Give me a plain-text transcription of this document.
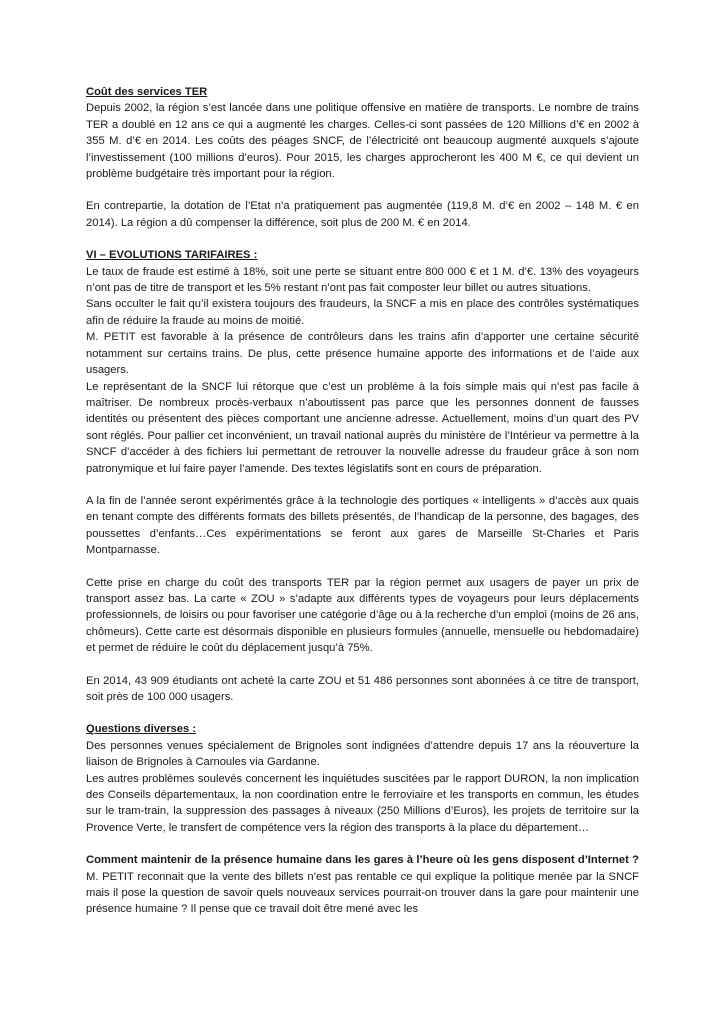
Coût des services TER

Depuis 2002, la région s’est lancée dans une politique offensive en matière de transports. Le nombre de trains TER a doublé en 12 ans ce qui a augmenté les charges. Celles-ci sont passées de 120 Millions d’€ en 2002 à 355 M. d’€ en 2014. Les coûts des péages SNCF, de l’électricité ont beaucoup augmenté auxquels s’ajoute l’investissement (100 millions d’euros). Pour 2015, les charges approcheront les 400 M €, ce qui devient un problème budgétaire très important pour la région.

En contrepartie, la dotation de l’Etat n’a pratiquement pas augmentée (119,8 M. d’€ en 2002 – 148 M. € en 2014). La région a dû compenser la différence, soit plus de 200 M. € en 2014.

VI – EVOLUTIONS TARIFAIRES :

Le taux de fraude est estimé à 18%, soit une perte se situant entre 800 000 € et 1 M. d’€. 13% des voyageurs n’ont pas de titre de transport et les 5% restant n’ont pas fait composter leur billet ou autres situations.

Sans occulter le fait qu’il existera toujours des fraudeurs, la SNCF a mis en place des contrôles systématiques afin de réduire la fraude au moins de moitié.

M. PETIT est favorable à la présence de contrôleurs dans les trains afin d’apporter une certaine sécurité notamment sur certains trains. De plus, cette présence humaine apporte des informations et de l’aide aux usagers.

Le représentant de la SNCF lui rétorque que c’est un problème à la fois simple mais qui n’est pas facile à maîtriser. De nombreux procès-verbaux n’aboutissent pas parce que les personnes donnent de fausses identités ou présentent des pièces comportant une ancienne adresse. Actuellement, moins d’un quart des PV sont réglés. Pour pallier cet inconvénient, un travail national auprès du ministère de l’Intérieur va permettre à la SNCF d’accéder à des fichiers lui permettant de retrouver la nouvelle adresse du fraudeur grâce à son nom patronymique et lui faire payer l’amende. Des textes législatifs sont en cours de préparation.

A la fin de l’année seront expérimentés grâce à la technologie des portiques « intelligents » d’accès aux quais en tenant compte des différents formats des billets présentés, de l’handicap de la personne, des bagages, des poussettes d’enfants…Ces expérimentations se feront aux gares de Marseille St-Charles et Paris Montparnasse.

Cette prise en charge du coût des transports TER par la région permet aux usagers de payer un prix de transport assez bas. La carte « ZOU » s’adapte aux différents types de voyageurs pour leurs déplacements professionnels, de loisirs ou pour favoriser une catégorie d’âge ou à la recherche d’un emploi (moins de 26 ans, chômeurs). Cette carte est désormais disponible en plusieurs formules (annuelle, mensuelle ou hebdomadaire) et permet de réduire le coût du déplacement jusqu’à 75%.

En 2014, 43 909 étudiants ont acheté la carte ZOU et 51 486 personnes sont abonnées à ce titre de transport, soit près de 100 000 usagers.

Questions diverses :

Des personnes venues spécialement de Brignoles sont indignées d’attendre depuis 17 ans la réouverture la liaison de Brignoles à Carnoules via Gardanne.

Les autres problèmes soulevés concernent les inquiétudes suscitées par le rapport DURON, la non implication des Conseils départementaux, la non coordination entre le ferroviaire et les transports en commun, les études sur le tram-train, la suppression des passages à niveaux (250 Millions d’Euros), les projets de territoire sur la Provence Verte, le transfert de compétence vers la région des transports à la place du département…

Comment maintenir de la présence humaine dans les gares à l’heure où les gens disposent d’Internet ? M. PETIT reconnait que la vente des billets n’est pas rentable ce qui explique la politique menée par la SNCF mais il pose la question de savoir quels nouveaux services pourrait-on trouver dans la gare pour maintenir une présence humaine ? Il pense que ce travail doit être mené avec les
